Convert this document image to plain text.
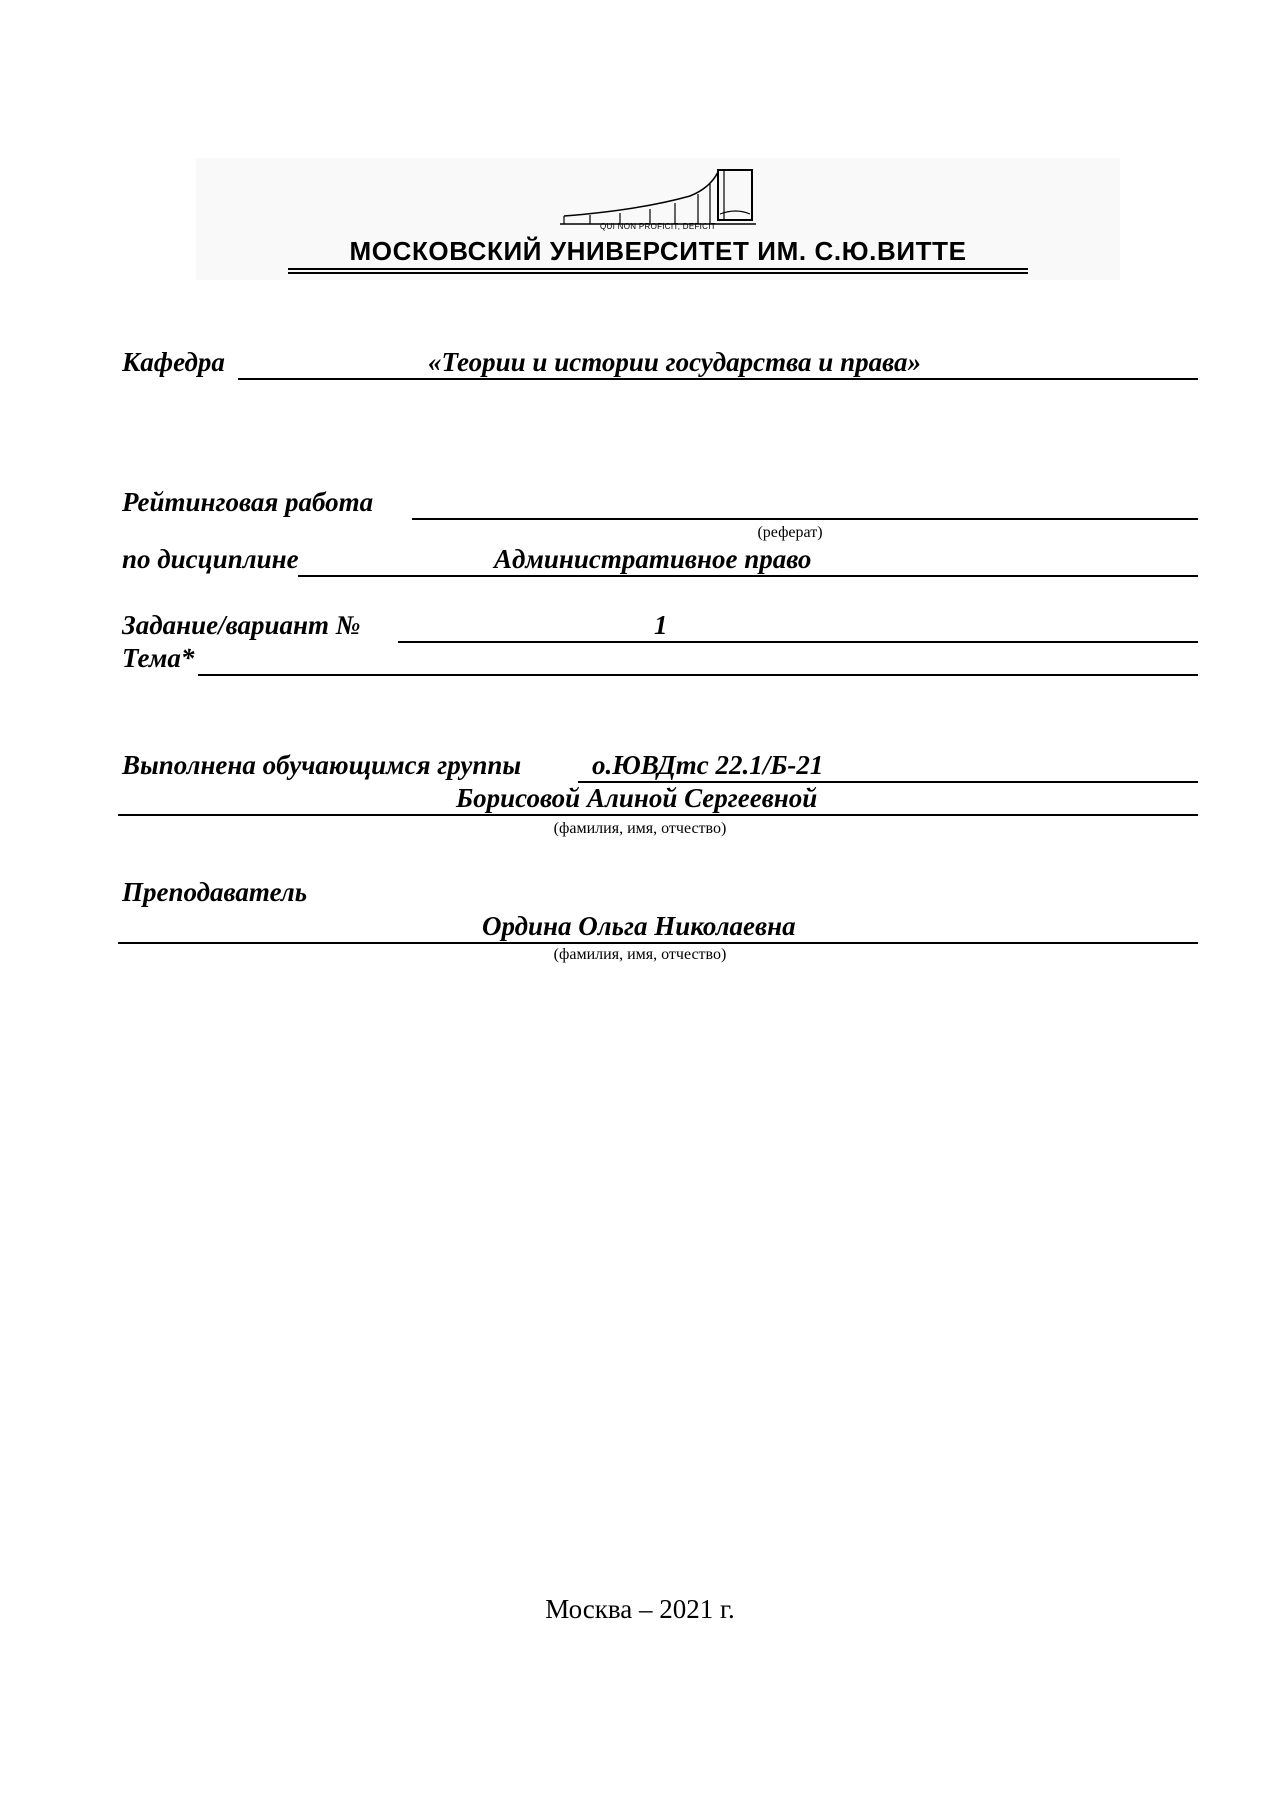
QUI NON PROFICIT, DEFICIT
МОСКОВСКИЙ УНИВЕРСИТЕТ ИМ. С.Ю.ВИТТЕ
Кафедра	«Теории и истории государства и права»
Рейтинговая работа
(реферат)
по дисциплине	Административное право
Задание/вариант №	1
Тема*
Выполнена обучающимся группы	о.ЮВДтс 22.1/Б-21
Борисовой Алиной Сергеевной
(фамилия, имя, отчество)
Преподаватель
Ордина Ольга Николаевна
(фамилия, имя, отчество)
Москва – 2021 г.
